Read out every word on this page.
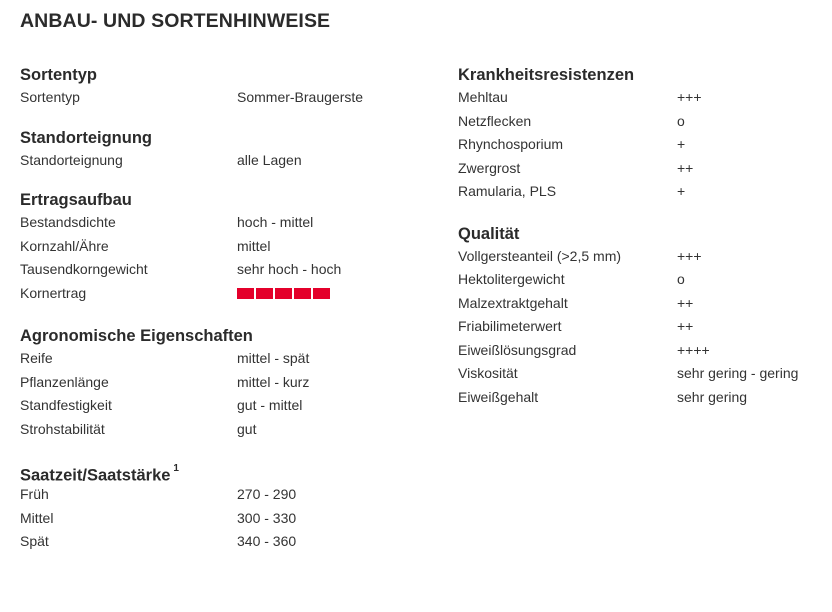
ANBAU- UND SORTENHINWEISE
Sortentyp
Sortentyp	Sommer-Braugerste
Standorteignung
Standorteignung	alle Lagen
Ertragsaufbau
Bestandsdichte	hoch - mittel
Kornzahl/Ähre	mittel
Tausendkorngewicht	sehr hoch - hoch
Kornertrag
Agronomische Eigenschaften
Reife	mittel - spät
Pflanzenlänge	mittel - kurz
Standfestigkeit	gut - mittel
Strohstabilität	gut
Saatzeit/Saatstärke $^1$
Früh	270 - 290
Mittel	300 - 330
Spät	340 - 360
Krankheitsresistenzen
Mehltau	+++
Netzflecken	o
Rhynchosporium	+
Zwergrost	++
Ramularia, PLS	+
Qualität
Vollgersteanteil (>2,5 mm)	+++
Hektolitergewicht	o
Malzextraktgehalt	++
Friabilimeterwert	++
Eiweißlösungsgrad	++++
Viskosität	sehr gering - gering
Eiweißgehalt	sehr gering
